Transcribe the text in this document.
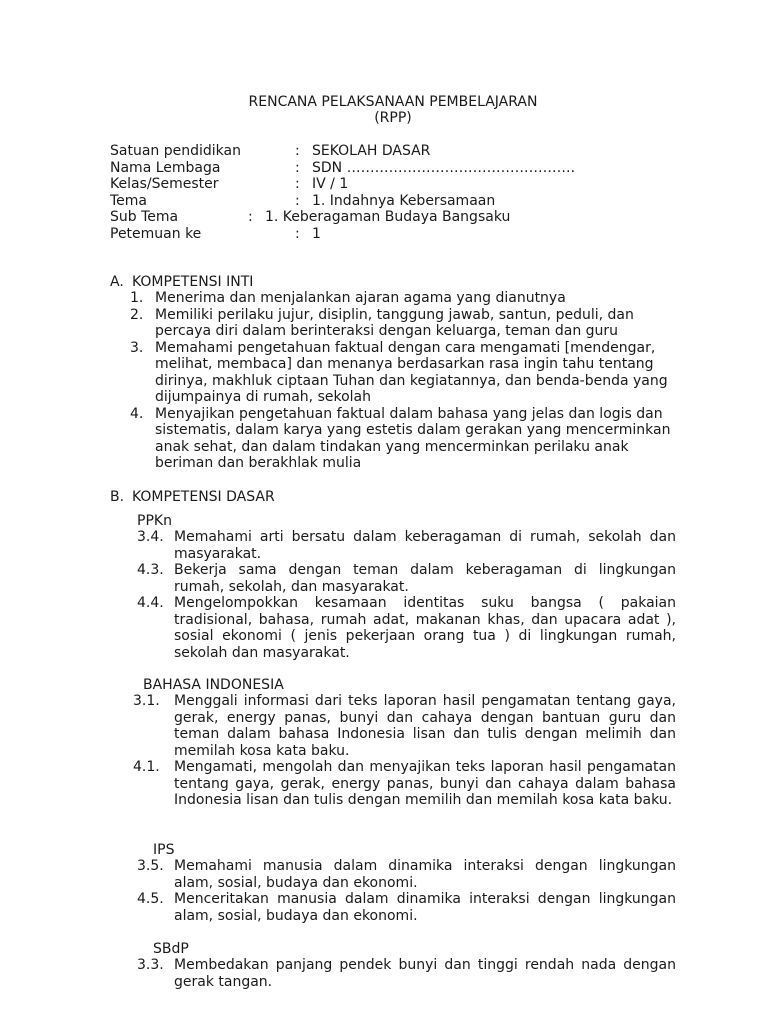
RENCANA PELAKSANAAN PEMBELAJARAN
(RPP)
Satuan pendidikan	: SEKOLAH DASAR
Nama Lembaga	: SDN ………………………………………….
Kelas/Semester	: IV / 1
Tema	: 1. Indahnya Kebersamaan
Sub Tema	: 1. Keberagaman Budaya Bangsaku
Petemuan ke	: 1
A. KOMPETENSI INTI
1. Menerima dan menjalankan ajaran agama yang dianutnya
2. Memiliki perilaku jujur, disiplin, tanggung jawab, santun, peduli, dan percaya diri dalam berinteraksi dengan keluarga, teman dan guru
3. Memahami pengetahuan faktual dengan cara mengamati [mendengar, melihat, membaca] dan menanya berdasarkan rasa ingin tahu tentang dirinya, makhluk ciptaan Tuhan dan kegiatannya, dan benda-benda yang dijumpainya di rumah, sekolah
4. Menyajikan pengetahuan faktual dalam bahasa yang jelas dan logis dan sistematis, dalam karya yang estetis dalam gerakan yang mencerminkan anak sehat, dan dalam tindakan yang mencerminkan perilaku anak beriman dan berakhlak mulia
B. KOMPETENSI DASAR
PPKn
3.4. Memahami arti bersatu dalam keberagaman di rumah, sekolah dan masyarakat.
4.3. Bekerja sama dengan teman dalam keberagaman di lingkungan rumah, sekolah, dan masyarakat.
4.4. Mengelompokkan kesamaan identitas suku bangsa ( pakaian tradisional, bahasa, rumah adat, makanan khas, dan upacara adat ), sosial ekonomi ( jenis pekerjaan orang tua ) di lingkungan rumah, sekolah dan masyarakat.
BAHASA INDONESIA
3.1.	Menggali informasi dari teks laporan hasil pengamatan tentang gaya, gerak, energy panas, bunyi dan cahaya dengan bantuan guru dan teman dalam bahasa Indonesia lisan dan tulis dengan melimih dan memilah kosa kata baku.
4.1.	Mengamati, mengolah dan menyajikan teks laporan hasil pengamatan tentang gaya, gerak, energy panas, bunyi dan cahaya dalam bahasa Indonesia lisan dan tulis dengan memilih dan memilah kosa kata baku.
IPS
3.5. Memahami manusia dalam dinamika interaksi dengan lingkungan alam, sosial, budaya dan ekonomi.
4.5. Menceritakan manusia dalam dinamika interaksi dengan lingkungan alam, sosial, budaya dan ekonomi.
SBdP
3.3. Membedakan panjang pendek bunyi dan tinggi rendah nada dengan gerak tangan.
